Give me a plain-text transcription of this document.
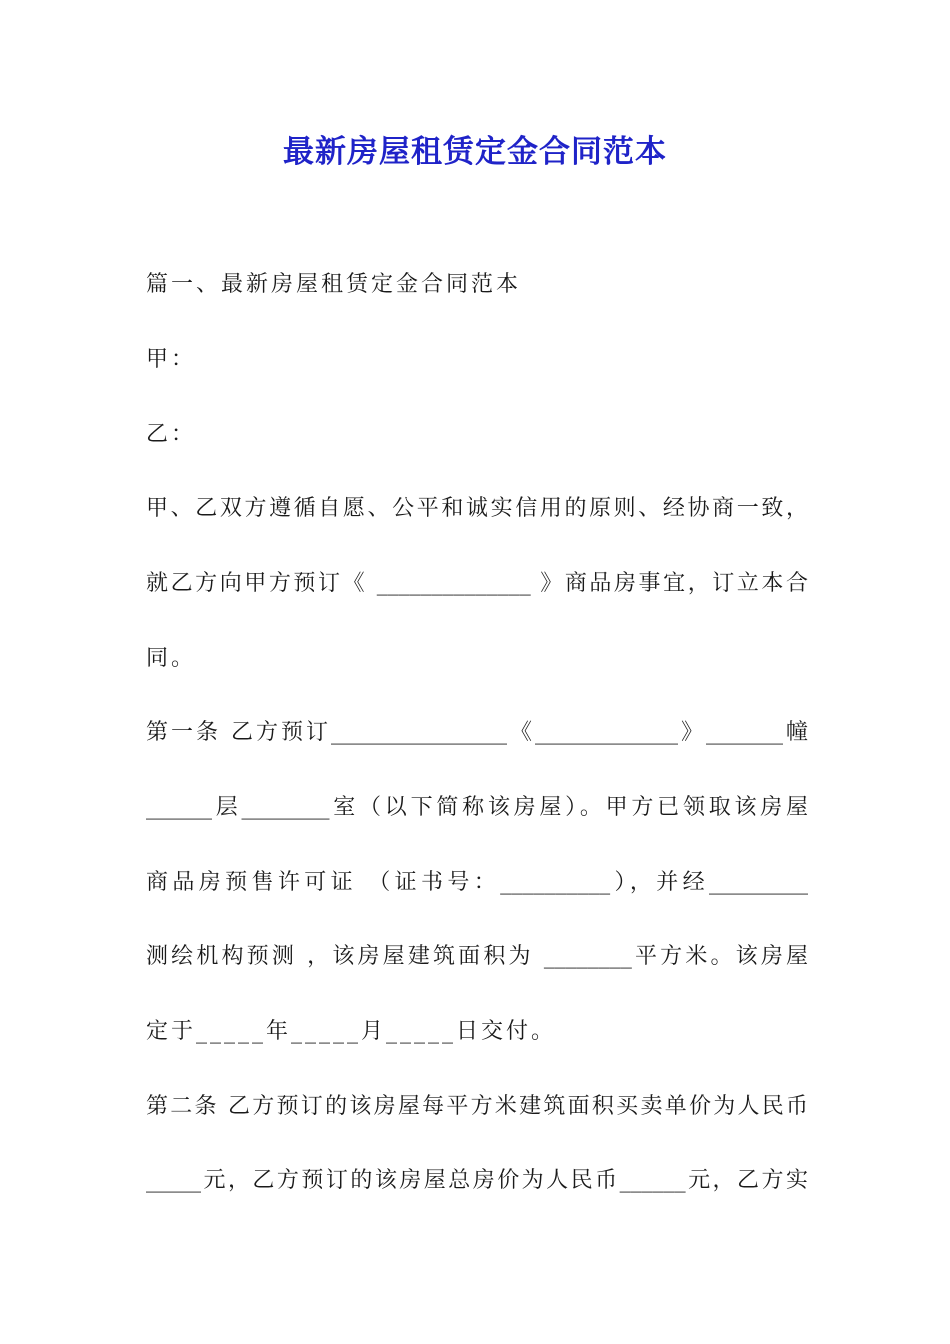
最新房屋租赁定金合同范本
篇一、最新房屋租赁定金合同范本
甲：
乙：
甲、乙双方遵循自愿、公平和诚实信用的原则、经协商一致，
就乙方向甲方预订《 ______________ 》商品房事宜，订立本合
同。
第一条 乙方预订________________《_____________》_______幢
______层________室（以下简称该房屋）。甲方已领取该房屋
商品房预售许可证 （证书号：__________），并经_________
测绘机构预测 ，该房屋建筑面积为 ________平方米。该房屋
定于_____年_____月_____日交付。
第二条 乙方预订的该房屋每平方米建筑面积买卖单价为人民币
_____元，乙方预订的该房屋总房价为人民币______元，乙方实
